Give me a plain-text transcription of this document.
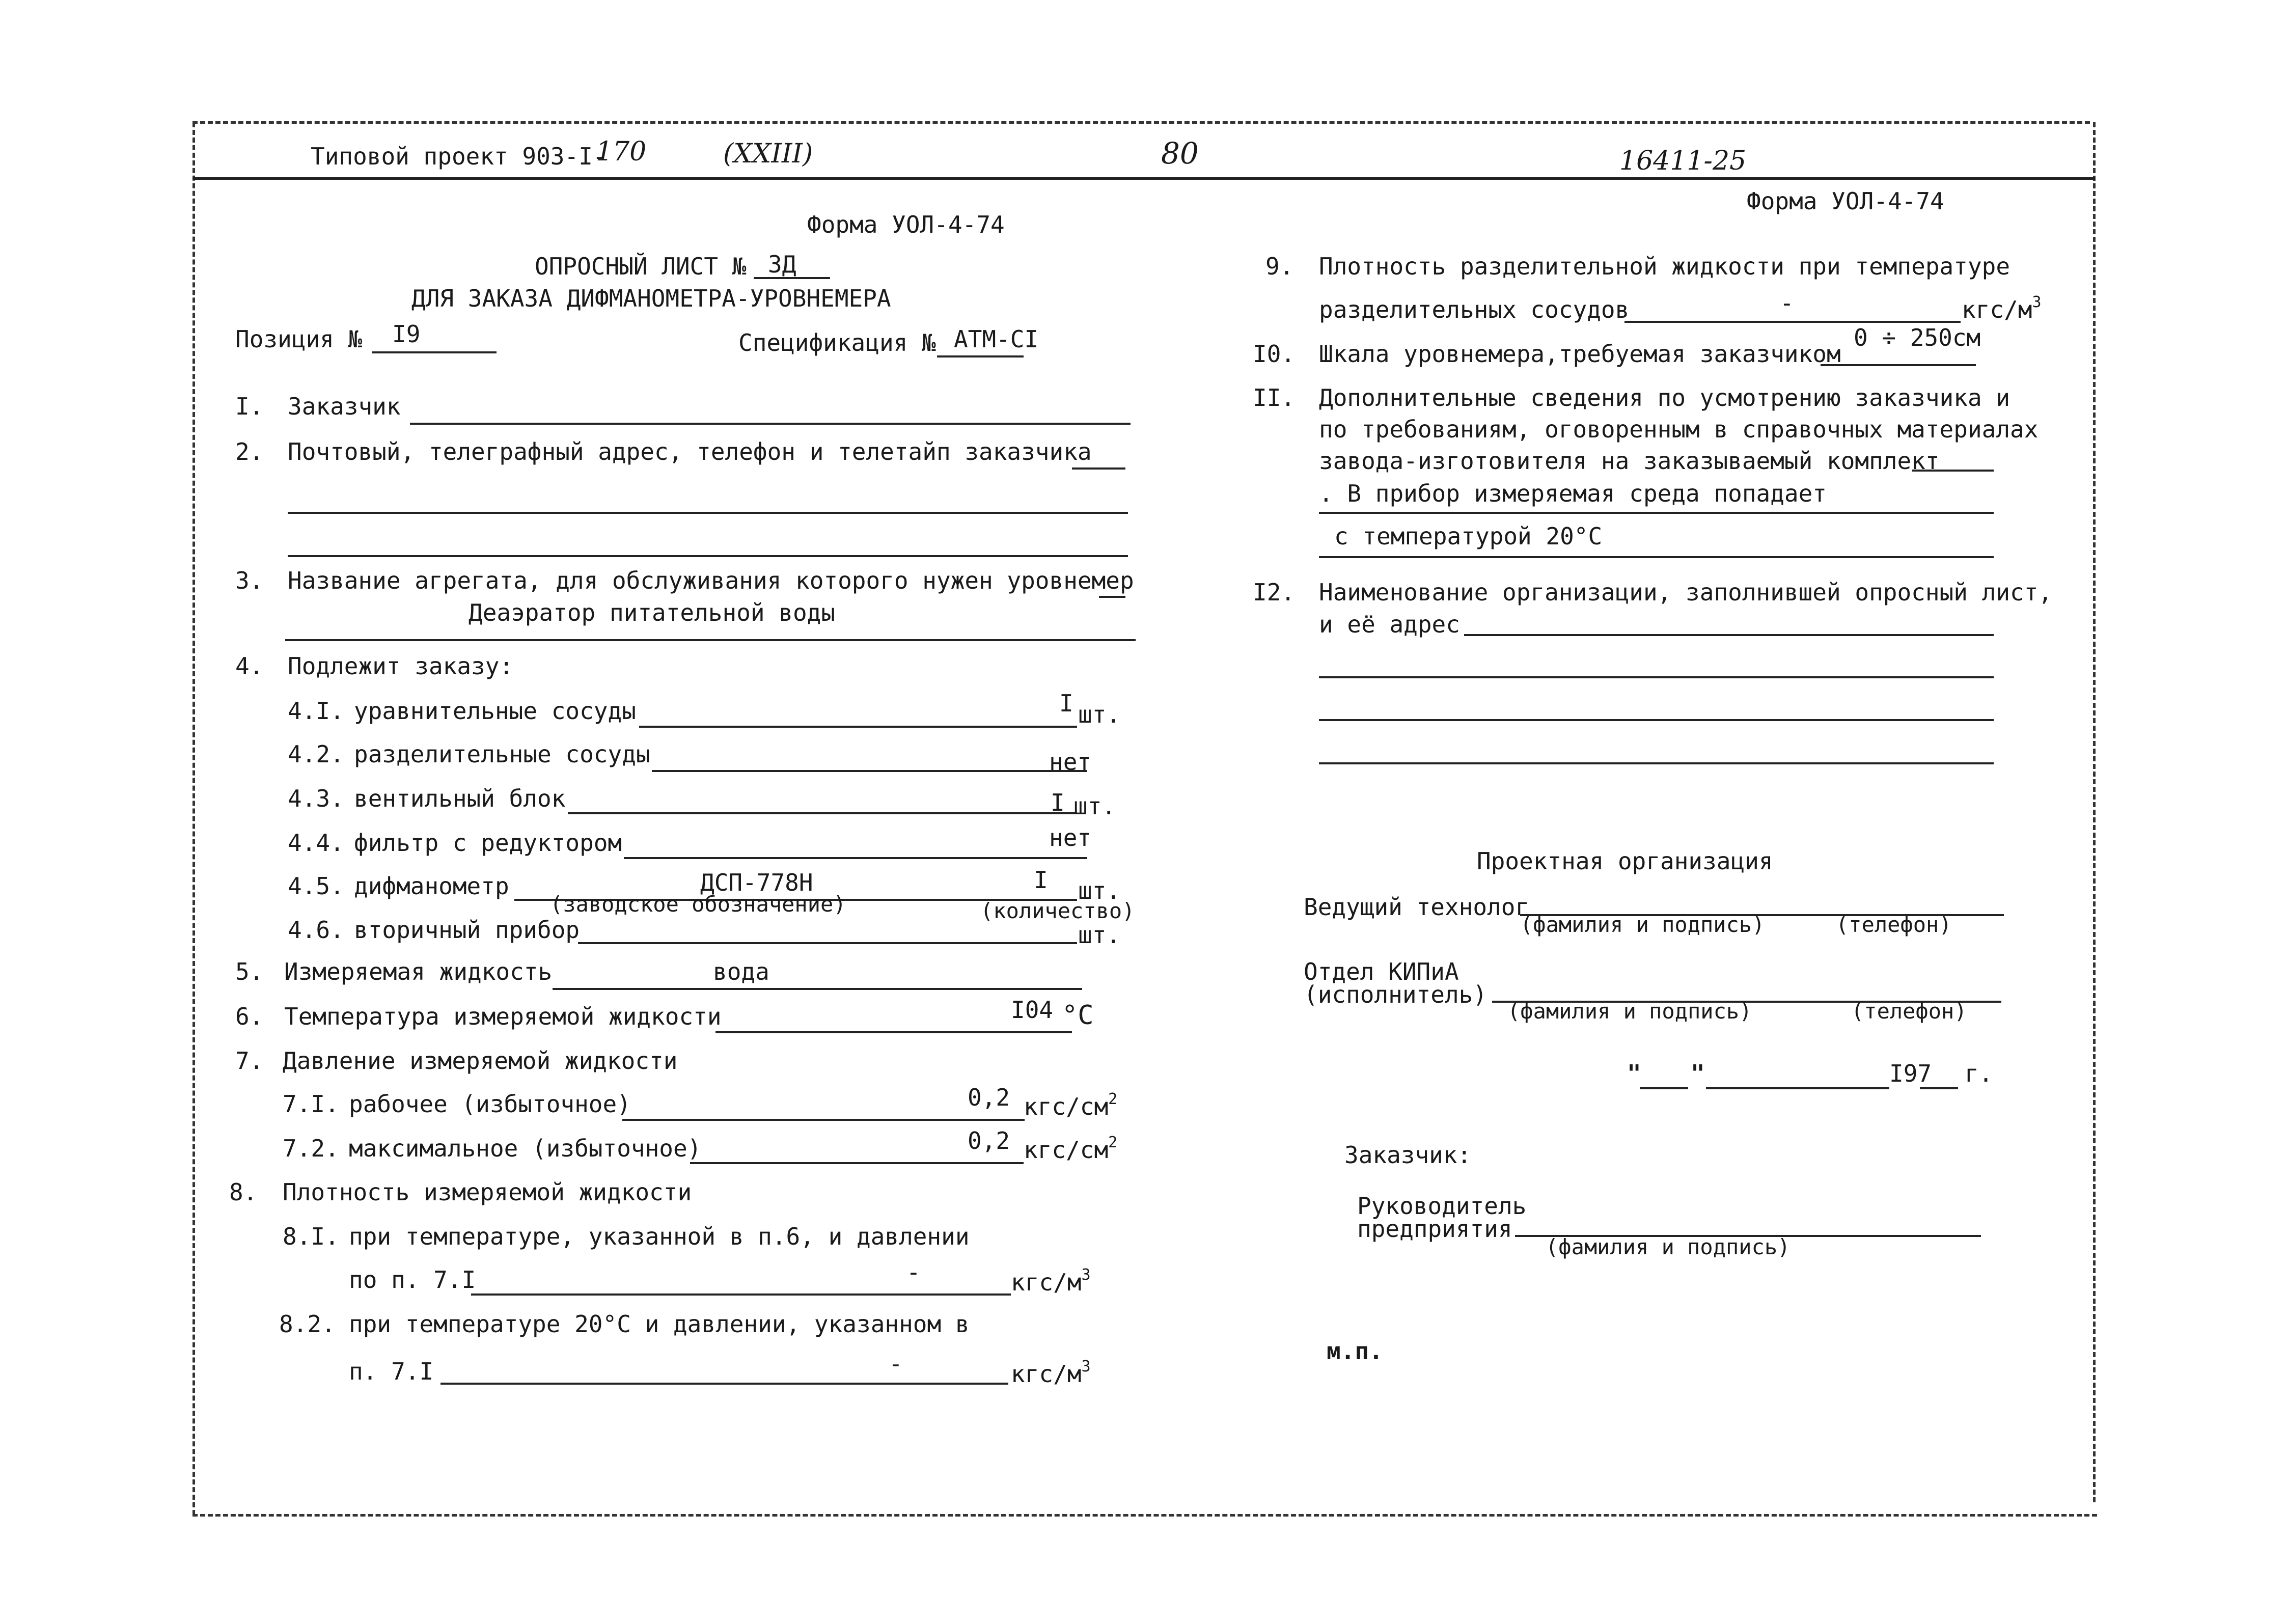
Типовой проект 903-I-
170	(XXIII)	80	16411-25
Форма УОЛ-4-74
Форма УОЛ-4-74
ОПРОСНЫЙ ЛИСТ № 3Д
ДЛЯ ЗАКАЗА ДИФМАНОМЕТРА-УРОВНЕМЕРА
Позиция № I9	Спецификация № АТМ-СI
I. Заказчик
2. Почтовый, телеграфный адрес, телефон и телетайп заказчика
3. Название агрегата, для обслуживания которого нужен уровнемер
Деаэратор питательной воды
4. Подлежит заказу:
4.I. уравнительные сосуды	I шт.
4.2. разделительные сосуды	нет
4.3. вентильный блок	I шт.
4.4. фильтр с редуктором	нет
4.5. дифманометр	ДСП-778Н	I шт.
(заводское обозначение)	(количество)
4.6. вторичный прибор	шт.
5. Измеряемая жидкость	вода
6. Температура измеряемой жидкости	I04 °С
7. Давление измеряемой жидкости
7.I. рабочее (избыточное)	0,2 кгс/$см^2$
7.2. максимальное (избыточное)	0,2 кгс/$см^2$
8. Плотность измеряемой жидкости
8.I. при температуре, указанной в п.6, и давлении
по п. 7.I	-	кгс/$м^3$
8.2. при температуре 20°С и давлении, указанном в
п. 7.I	-	кгс/$м^3$
9. Плотность разделительной жидкости при температуре
разделительных сосудов	-	кгс/$м^3$
I0. Шкала уровнемера,требуемая заказчиком
0 ÷ 250см
II. Дополнительные сведения по усмотрению заказчика и
по требованиям, оговоренным в справочных материалах
завода-изготовителя на заказываемый комплект
. В прибор измеряемая среда попадает
с температурой 20°С
I2. Наименование организации, заполнившей опросный лист,
и её адрес
Проектная организация
Ведущий технолог
(фамилия и подпись)	(телефон)
Отдел КИПиА
(исполнитель)
(фамилия и подпись)	(телефон)
" "	I97 г.
Заказчик:
Руководитель
предприятия
(фамилия и подпись)
м.п.
